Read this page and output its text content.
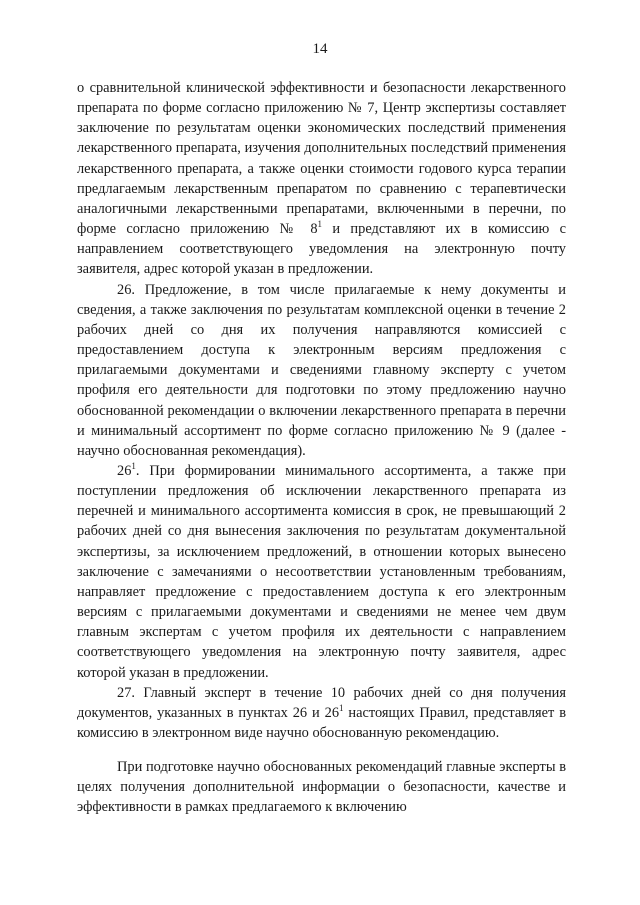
14

о сравнительной клинической эффективности и безопасности лекарственного препарата по форме согласно приложению № 7, Центр экспертизы составляет заключение по результатам оценки экономических последствий применения лекарственного препарата, изучения дополнительных последствий применения лекарственного препарата, а также оценки стоимости годового курса терапии предлагаемым лекарственным препаратом по сравнению с терапевтически аналогичными лекарственными препаратами, включенными в перечни, по форме согласно приложению № $8^1$ и представляют их в комиссию с направлением соответствующего уведомления на электронную почту заявителя, адрес которой указан в предложении.

26. Предложение, в том числе прилагаемые к нему документы и сведения, а также заключения по результатам комплексной оценки в течение 2 рабочих дней со дня их получения направляются комиссией с предоставлением доступа к электронным версиям предложения с прилагаемыми документами и сведениями главному эксперту с учетом профиля его деятельности для подготовки по этому предложению научно обоснованной рекомендации о включении лекарственного препарата в перечни и минимальный ассортимент по форме согласно приложению № 9 (далее - научно обоснованная рекомендация).

$26^1$. При формировании минимального ассортимента, а также при поступлении предложения об исключении лекарственного препарата из перечней и минимального ассортимента комиссия в срок, не превышающий 2 рабочих дней со дня вынесения заключения по результатам документальной экспертизы, за исключением предложений, в отношении которых вынесено заключение с замечаниями о несоответствии установленным требованиям, направляет предложение с предоставлением доступа к его электронным версиям с прилагаемыми документами и сведениями не менее чем двум главным экспертам с учетом профиля их деятельности с направлением соответствующего уведомления на электронную почту заявителя, адрес которой указан в предложении.

27. Главный эксперт в течение 10 рабочих дней со дня получения документов, указанных в пунктах 26 и $26^1$ настоящих Правил, представляет в комиссию в электронном виде научно обоснованную рекомендацию.

При подготовке научно обоснованных рекомендаций главные эксперты в целях получения дополнительной информации о безопасности, качестве и эффективности в рамках предлагаемого к включению
